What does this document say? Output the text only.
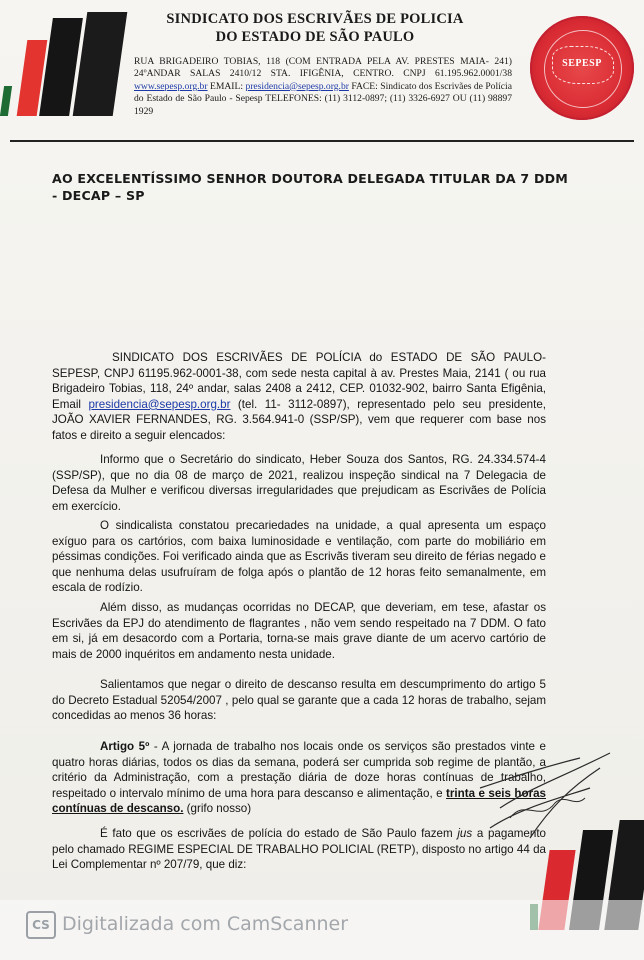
SINDICATO DOS ESCRIVÃES DE POLICIA
DO ESTADO DE SÃO PAULO
RUA BRIGADEIRO TOBIAS, 118 (COM ENTRADA PELA AV. PRESTES MAIA- 241) 24ºANDAR SALAS 2410/12 STA. IFIGÊNIA, CENTRO. CNPJ 61.195.962.0001/38 www.sepesp.org.br EMAIL: presidencia@sepesp.org.br FACE: Sindicato dos Escrivães de Polícia do Estado de São Paulo - Sepesp TELEFONES: (11) 3112-0897; (11) 3326-6927 OU (11) 98897 1929
SEPESP
AO EXCELENTÍSSIMO SENHOR DOUTORA DELEGADA TITULAR DA 7 DDM - DECAP – SP
SINDICATO DOS ESCRIVÃES DE POLÍCIA do ESTADO DE SÃO PAULO-SEPESP, CNPJ 61195.962-0001-38, com sede nesta capital à av. Prestes Maia, 2141 ( ou rua Brigadeiro Tobias, 118, 24º andar, salas 2408 a 2412, CEP. 01032-902, bairro Santa Efigênia, Email presidencia@sepesp.org.br (tel. 11- 3112-0897), representado pelo seu presidente, JOÃO XAVIER FERNANDES, RG. 3.564.941-0 (SSP/SP), vem que requerer com base nos fatos e direito a seguir elencados:
Informo que o Secretário do sindicato, Heber Souza dos Santos, RG. 24.334.574-4 (SSP/SP), que no dia 08 de março de 2021, realizou inspeção sindical na 7 Delegacia de Defesa da Mulher e verificou diversas irregularidades que prejudicam as Escrivães de Polícia em exercício.
O sindicalista constatou precariedades na unidade, a qual apresenta um espaço exíguo para os cartórios, com baixa luminosidade e ventilação, com parte do mobiliário em péssimas condições. Foi verificado ainda que as Escrivãs tiveram seu direito de férias negado e que nenhuma delas usufruíram de folga após o plantão de 12 horas feito semanalmente, em escala de rodízio.
Além disso, as mudanças ocorridas no DECAP, que deveriam, em tese, afastar os Escrivães da EPJ do atendimento de flagrantes , não vem sendo respeitado na 7 DDM. O fato em si, já em desacordo com a Portaria, torna-se mais grave diante de um acervo cartório de mais de 2000 inquéritos em andamento nesta unidade.
Salientamos que negar o direito de descanso resulta em descumprimento do artigo 5 do Decreto Estadual 52054/2007 , pelo qual se garante que a cada 12 horas de trabalho, sejam concedidas ao menos 36 horas:
Artigo 5º - A jornada de trabalho nos locais onde os serviços são prestados vinte e quatro horas diárias, todos os dias da semana, poderá ser cumprida sob regime de plantão, a critério da Administração, com a prestação diária de doze horas contínuas de trabalho, respeitado o intervalo mínimo de uma hora para descanso e alimentação, e trinta e seis horas contínuas de descanso. (grifo nosso)
É fato que os escrivães de polícia do estado de São Paulo fazem jus a pagamento pelo chamado REGIME ESPECIAL DE TRABALHO POLICIAL (RETP), disposto no artigo 44 da Lei Complementar nº 207/79, que diz:
CS Digitalizada com CamScanner
